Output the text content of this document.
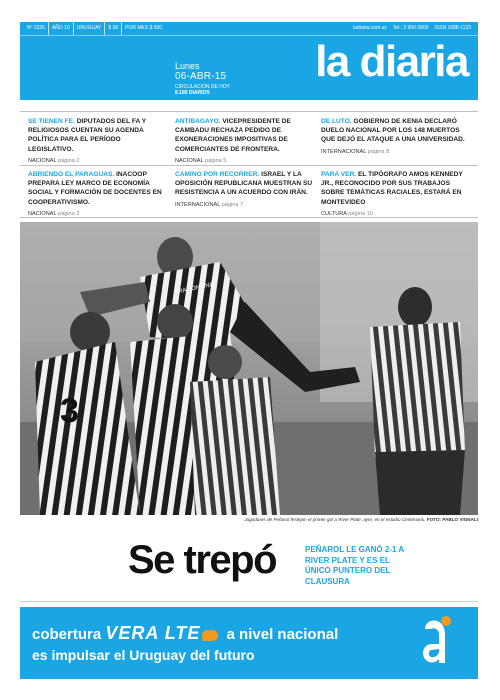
Nº 2325 AÑO 10 URUGUAY $ 36 POR MES $ 550	ladiaria.com.uy Tel.: 2 900 0800 ISSN 1688-1133
Lunes
06-ABR-15
CIRCULACIÓN DE HOY
8.180 DIARIOS
la diaria
SE TIENEN FE. DIPUTADOS DEL FA Y RELIGIOSOS CUENTAN SU AGENDA POLÍTICA PARA EL PERÍODO LEGISLATIVO.
NACIONAL página 2
ANTIBAGAYO. VICEPRESIDENTE DE CAMBADU RECHAZA PEDIDO DE EXONERACIONES IMPOSITIVAS DE COMERCIANTES DE FRONTERA.
NACIONAL página 5
DE LUTO. GOBIERNO DE KENIA DECLARÓ DUELO NACIONAL POR LOS 148 MUERTOS QUE DEJÓ EL ATAQUE A UNA UNIVERSIDAD.
INTERNACIONAL página 8
ABRIENDO EL PARAGUAS. INACOOP PREPARA LEY MARCO DE ECONOMÍA SOCIAL Y FORMACIÓN DE DOCENTES EN COOPERATIVISMO.
NACIONAL página 3
CAMINO POR RECORRER. ISRAEL Y LA OPOSICIÓN REPUBLICANA MUESTRAN SU RESISTENCIA A UN ACUERDO CON IRÁN.
INTERNACIONAL página 7
PARA VER. EL TIPÓGRAFO AMOS KENNEDY JR., RECONOCIDO POR SUS TRABAJOS SOBRE TEMÁTICAS RACIALES, ESTARÁ EN MONTEVIDEO
CULTURA página 10
3
TRAMONTINA
Jugadores de Peñarol festejan el primer gol a River Plate, ayer, en el estadio Centenario. FOTO: PABLO VIGNALI
Se trepó	PEÑAROL LE GANÓ 2-1 A RIVER PLATE Y ES EL ÚNICO PUNTERO DEL CLAUSURA
cobertura VERA LTE a nivel nacional
es impulsar el Uruguay del futuro
